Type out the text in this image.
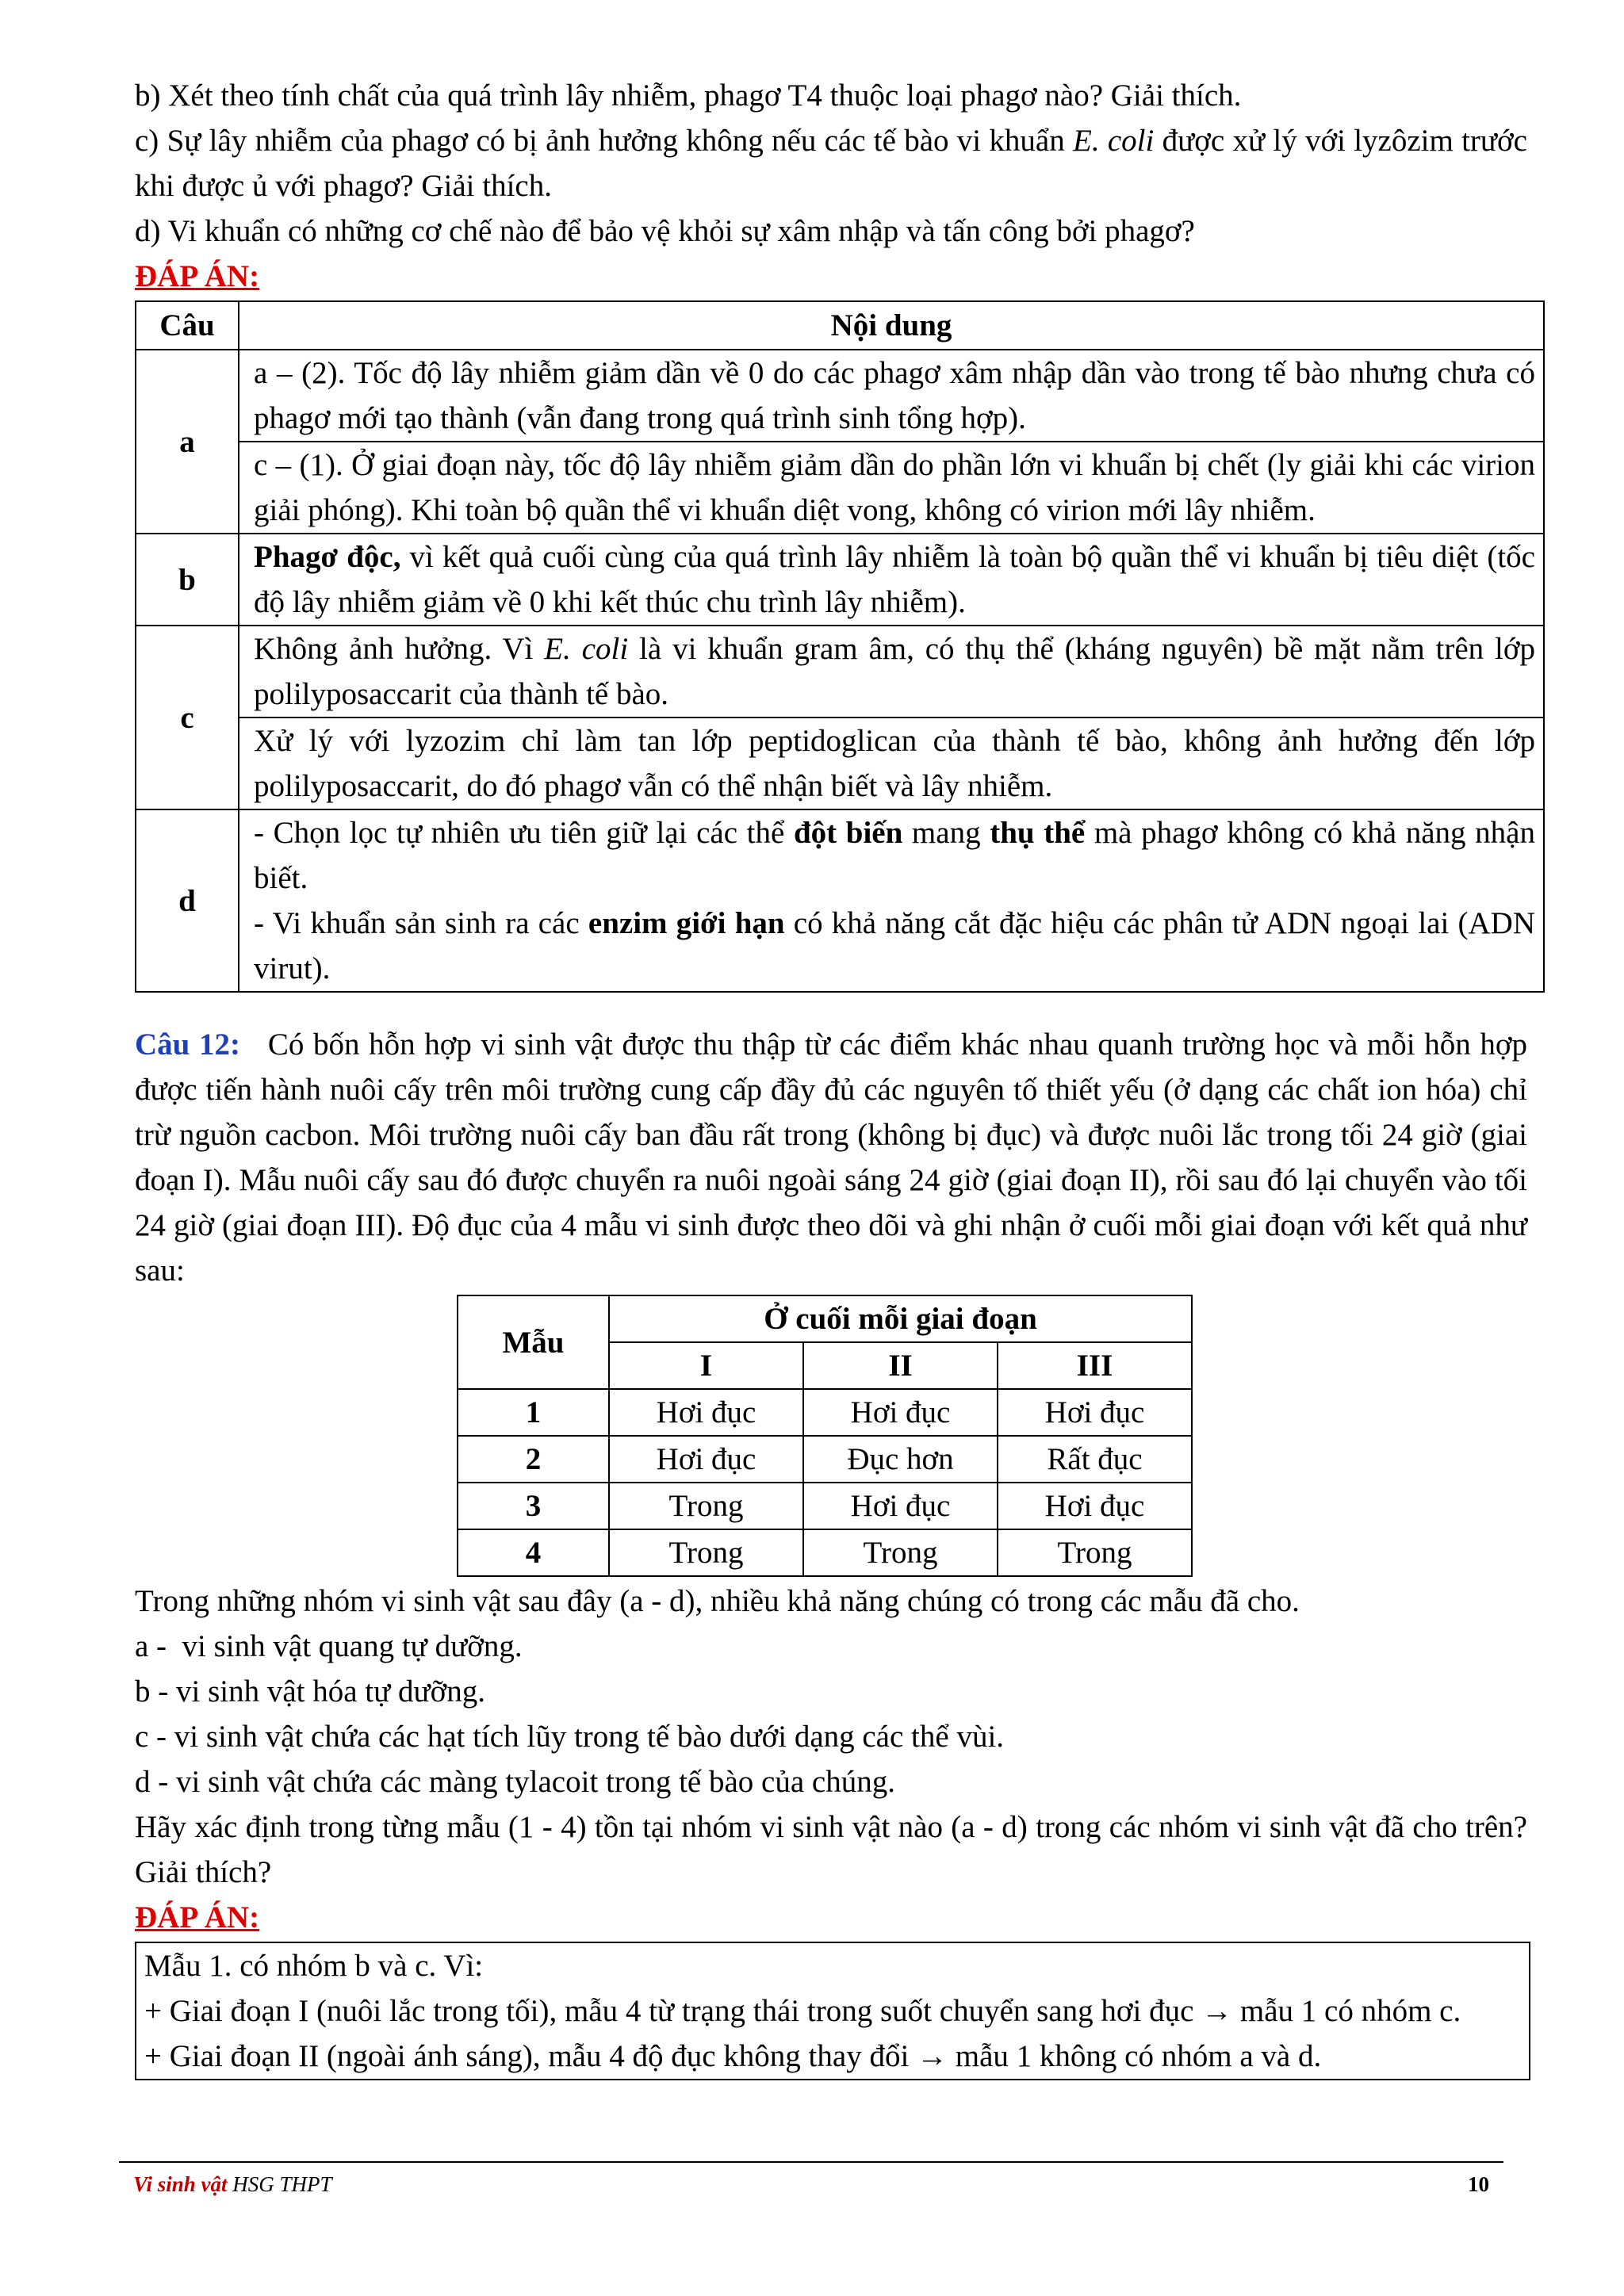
b) Xét theo tính chất của quá trình lây nhiễm, phagơ T4 thuộc loại phagơ nào? Giải thích.

c) Sự lây nhiễm của phagơ có bị ảnh hưởng không nếu các tế bào vi khuẩn E. coli được xử lý với lyzôzim trước khi được ủ với phagơ? Giải thích.

d) Vi khuẩn có những cơ chế nào để bảo vệ khỏi sự xâm nhập và tấn công bởi phagơ?

ĐÁP ÁN:

Câu	Nội dung
a	a – (2). Tốc độ lây nhiễm giảm dần về 0 do các phagơ xâm nhập dần vào trong tế bào nhưng chưa có phagơ mới tạo thành (vẫn đang trong quá trình sinh tổng hợp).
	c – (1). Ở giai đoạn này, tốc độ lây nhiễm giảm dần do phần lớn vi khuẩn bị chết (ly giải khi các virion giải phóng). Khi toàn bộ quần thể vi khuẩn diệt vong, không có virion mới lây nhiễm.
b	Phagơ độc, vì kết quả cuối cùng của quá trình lây nhiễm là toàn bộ quần thể vi khuẩn bị tiêu diệt (tốc độ lây nhiễm giảm về 0 khi kết thúc chu trình lây nhiễm).
c	Không ảnh hưởng. Vì E. coli là vi khuẩn gram âm, có thụ thể (kháng nguyên) bề mặt nằm trên lớp polilyposaccarit của thành tế bào.
	Xử lý với lyzozim chỉ làm tan lớp peptidoglican của thành tế bào, không ảnh hưởng đến lớp polilyposaccarit, do đó phagơ vẫn có thể nhận biết và lây nhiễm.
d	- Chọn lọc tự nhiên ưu tiên giữ lại các thể đột biến mang thụ thể mà phagơ không có khả năng nhận biết.
- Vi khuẩn sản sinh ra các enzim giới hạn có khả năng cắt đặc hiệu các phân tử ADN ngoại lai (ADN virut).

Câu 12:   Có bốn hỗn hợp vi sinh vật được thu thập từ các điểm khác nhau quanh trường học và mỗi hỗn hợp được tiến hành nuôi cấy trên môi trường cung cấp đầy đủ các nguyên tố thiết yếu (ở dạng các chất ion hóa) chỉ trừ nguồn cacbon. Môi trường nuôi cấy ban đầu rất trong (không bị đục) và được nuôi lắc trong tối 24 giờ (giai đoạn I). Mẫu nuôi cấy sau đó được chuyển ra nuôi ngoài sáng 24 giờ (giai đoạn II), rồi sau đó lại chuyển vào tối 24 giờ (giai đoạn III). Độ đục của 4 mẫu vi sinh được theo dõi và ghi nhận ở cuối mỗi giai đoạn với kết quả như sau:

Mẫu	Ở cuối mỗi giai đoạn		
	I	II	III
1	Hơi đục	Hơi đục	Hơi đục
2	Hơi đục	Đục hơn	Rất đục
3	Trong	Hơi đục	Hơi đục
4	Trong	Trong	Trong

Trong những nhóm vi sinh vật sau đây (a - d), nhiều khả năng chúng có trong các mẫu đã cho.

a -  vi sinh vật quang tự dưỡng.

b - vi sinh vật hóa tự dưỡng.

c - vi sinh vật chứa các hạt tích lũy trong tế bào dưới dạng các thể vùi.

d - vi sinh vật chứa các màng tylacoit trong tế bào của chúng.

Hãy xác định trong từng mẫu (1 - 4) tồn tại nhóm vi sinh vật nào (a - d) trong các nhóm vi sinh vật đã cho trên? Giải thích?

ĐÁP ÁN:

Mẫu 1. có nhóm b và c. Vì:

+ Giai đoạn I (nuôi lắc trong tối), mẫu 4 từ trạng thái trong suốt chuyển sang hơi đục → mẫu 1 có nhóm c.

+ Giai đoạn II (ngoài ánh sáng), mẫu 4 độ đục không thay đổi → mẫu 1 không có nhóm a và d.

Vi sinh vật HSG THPT	10
